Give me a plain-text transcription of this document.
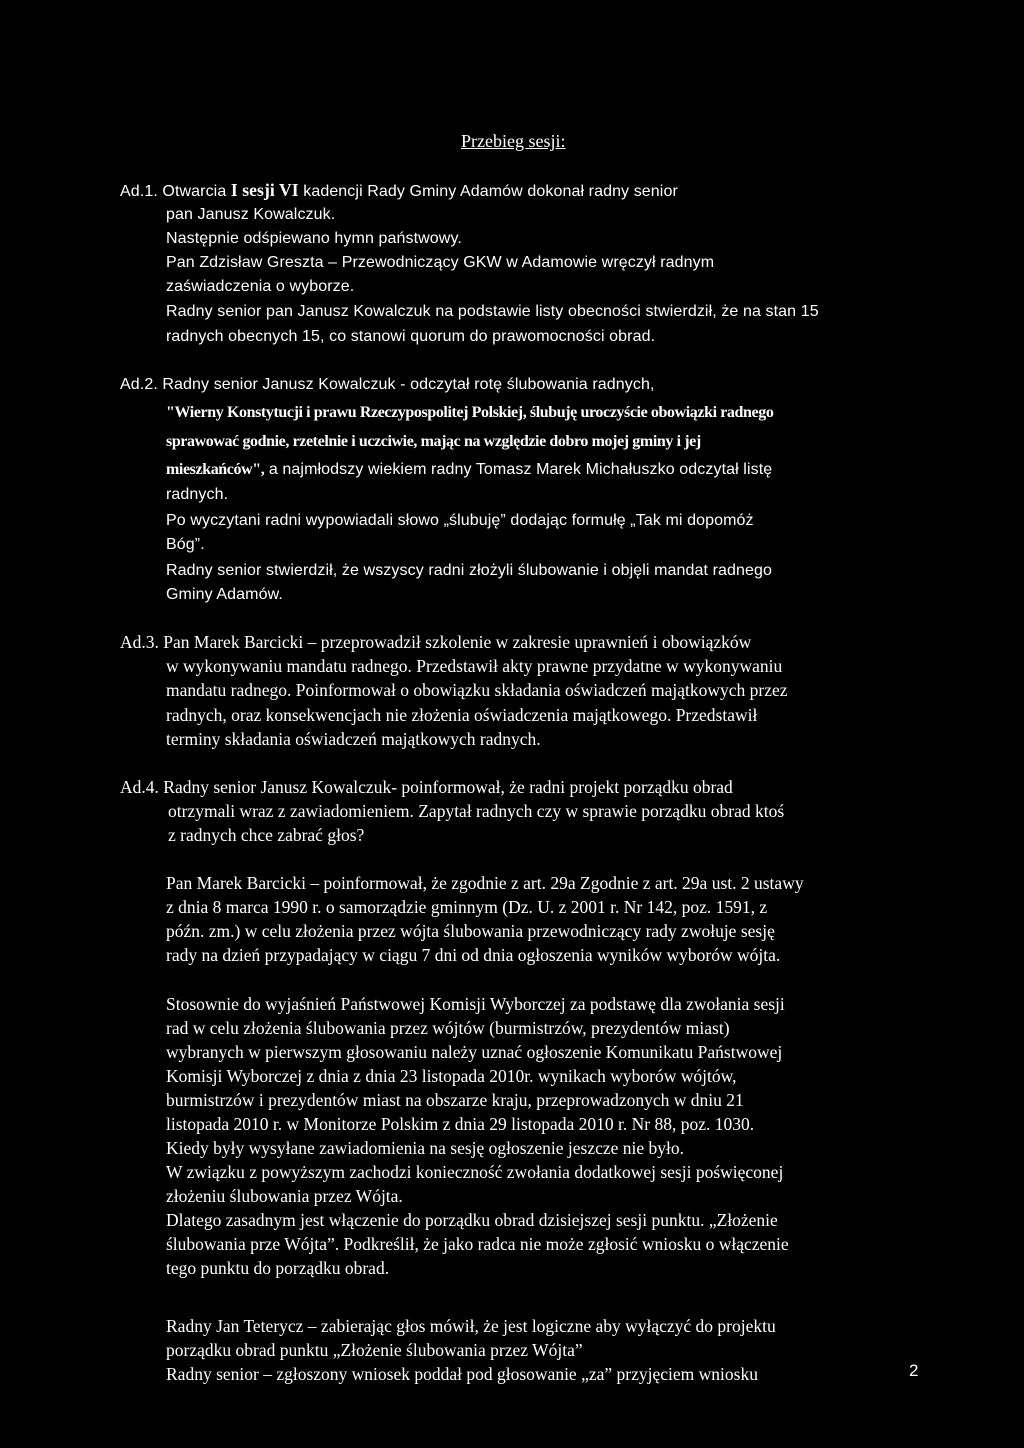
Przebieg sesji:
Ad.1. Otwarcia I sesji VI kadencji Rady Gminy Adamów dokonał radny senior
pan Janusz Kowalczuk.
Następnie odśpiewano hymn państwowy.
Pan Zdzisław Greszta – Przewodniczący GKW w Adamowie wręczył radnym
zaświadczenia o wyborze.
Radny senior pan Janusz Kowalczuk na podstawie listy obecności stwierdził, że na stan 15
radnych obecnych 15, co stanowi quorum do prawomocności obrad.
Ad.2. Radny senior Janusz Kowalczuk - odczytał rotę ślubowania radnych,
"Wierny Konstytucji i prawu Rzeczypospolitej Polskiej, ślubuję uroczyście obowiązki radnego
sprawować godnie, rzetelnie i uczciwie, mając na względzie dobro mojej gminy i jej
mieszkańców", a najmłodszy wiekiem radny Tomasz Marek Michałuszko odczytał listę
radnych.
Po wyczytani radni wypowiadali słowo „ślubuję” dodając formułę „Tak mi dopomóż
Bóg”.
Radny senior stwierdził, że wszyscy radni złożyli ślubowanie i objęli mandat radnego
Gminy Adamów.
Ad.3. Pan Marek Barcicki – przeprowadził szkolenie w zakresie uprawnień i obowiązków
w wykonywaniu mandatu radnego. Przedstawił akty prawne przydatne w wykonywaniu
mandatu radnego. Poinformował o obowiązku składania oświadczeń majątkowych przez
radnych, oraz konsekwencjach nie złożenia oświadczenia majątkowego. Przedstawił
terminy składania oświadczeń majątkowych radnych.
Ad.4. Radny senior Janusz Kowalczuk- poinformował, że radni projekt porządku obrad
otrzymali wraz z zawiadomieniem. Zapytał radnych czy w sprawie porządku obrad ktoś
z radnych chce zabrać głos?
Pan Marek Barcicki – poinformował, że zgodnie z art. 29a Zgodnie z art. 29a ust. 2 ustawy
z dnia 8 marca 1990 r. o samorządzie gminnym (Dz. U. z 2001 r. Nr 142, poz. 1591, z
późn. zm.) w celu złożenia przez wójta ślubowania przewodniczący rady zwołuje sesję
rady na dzień przypadający w ciągu 7 dni od dnia ogłoszenia wyników wyborów wójta.
Stosownie do wyjaśnień Państwowej Komisji Wyborczej za podstawę dla zwołania sesji
rad w celu złożenia ślubowania przez wójtów (burmistrzów, prezydentów miast)
wybranych w pierwszym głosowaniu należy uznać ogłoszenie Komunikatu Państwowej
Komisji Wyborczej z dnia z dnia 23 listopada 2010r. wynikach wyborów wójtów,
burmistrzów i prezydentów miast na obszarze kraju, przeprowadzonych w dniu 21
listopada 2010 r. w Monitorze Polskim z dnia 29 listopada 2010 r. Nr 88, poz. 1030.
Kiedy były wysyłane zawiadomienia na sesję ogłoszenie jeszcze nie było.
W związku z powyższym zachodzi konieczność zwołania dodatkowej sesji poświęconej
złożeniu ślubowania przez Wójta.
Dlatego zasadnym jest włączenie do porządku obrad dzisiejszej sesji punktu. „Złożenie
ślubowania prze Wójta”. Podkreślił, że jako radca nie może zgłosić wniosku o włączenie
tego punktu do porządku obrad.
Radny Jan Teterycz – zabierając głos mówił, że jest logiczne aby wyłączyć do projektu
porządku obrad punktu „Złożenie ślubowania przez Wójta”
Radny senior – zgłoszony wniosek poddał pod głosowanie „za” przyjęciem wniosku	2
